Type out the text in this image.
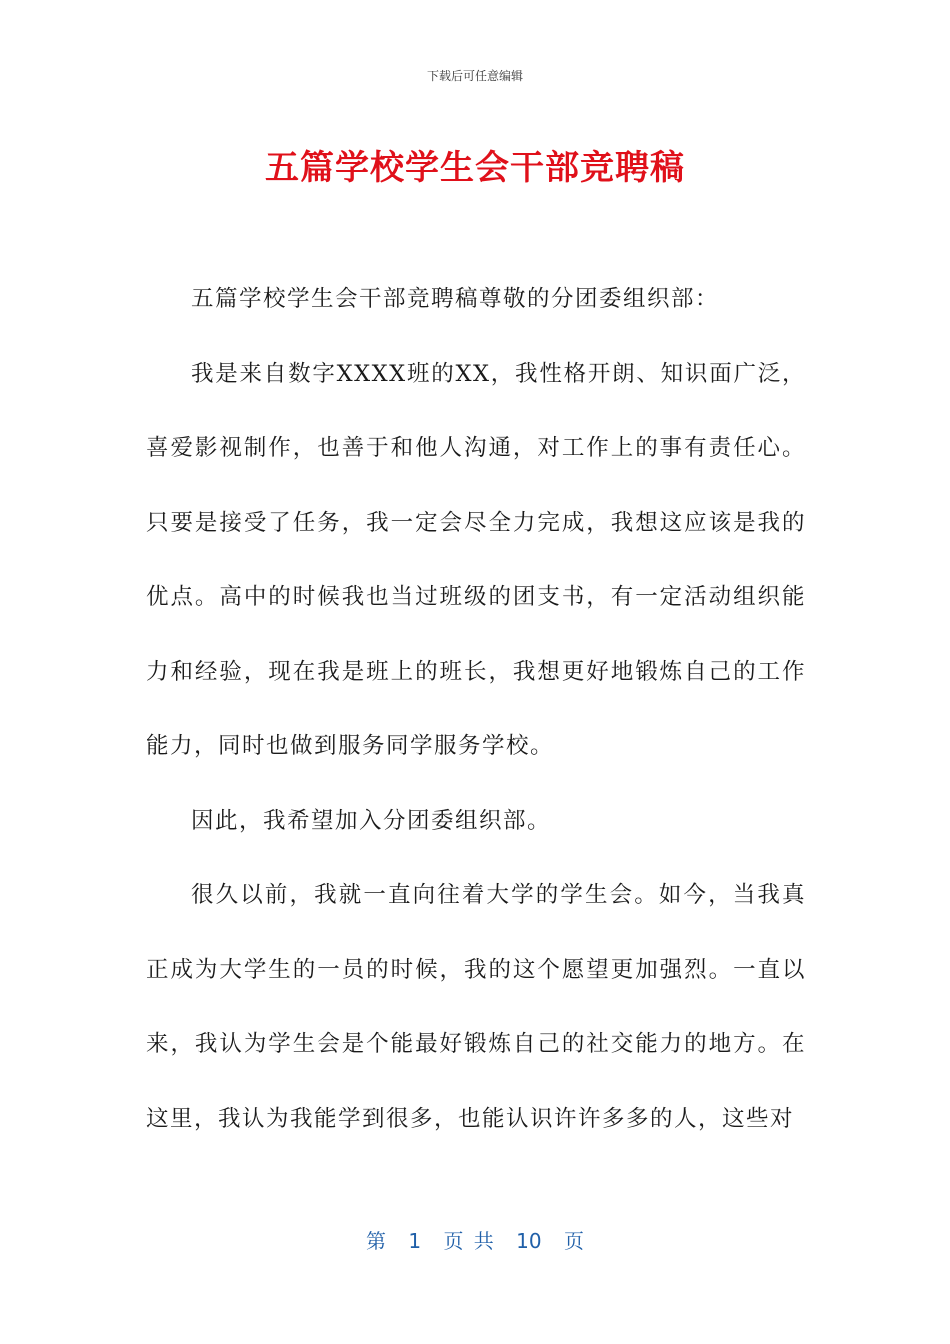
下载后可任意编辑
五篇学校学生会干部竞聘稿

五篇学校学生会干部竞聘稿尊敬的分团委组织部：

我是来自数字XXXX班的XX，我性格开朗、知识面广泛，喜爱影视制作，也善于和他人沟通，对工作上的事有责任心。只要是接受了任务，我一定会尽全力完成，我想这应该是我的优点。高中的时候我也当过班级的团支书，有一定活动组织能力和经验，现在我是班上的班长，我想更好地锻炼自己的工作能力，同时也做到服务同学服务学校。

因此，我希望加入分团委组织部。

很久以前，我就一直向往着大学的学生会。如今，当我真正成为大学生的一员的时候，我的这个愿望更加强烈。一直以来，我认为学生会是个能最好锻炼自己的社交能力的地方。在这里，我认为我能学到很多，也能认识许许多多的人，这些对

第 1 页 共 10 页
